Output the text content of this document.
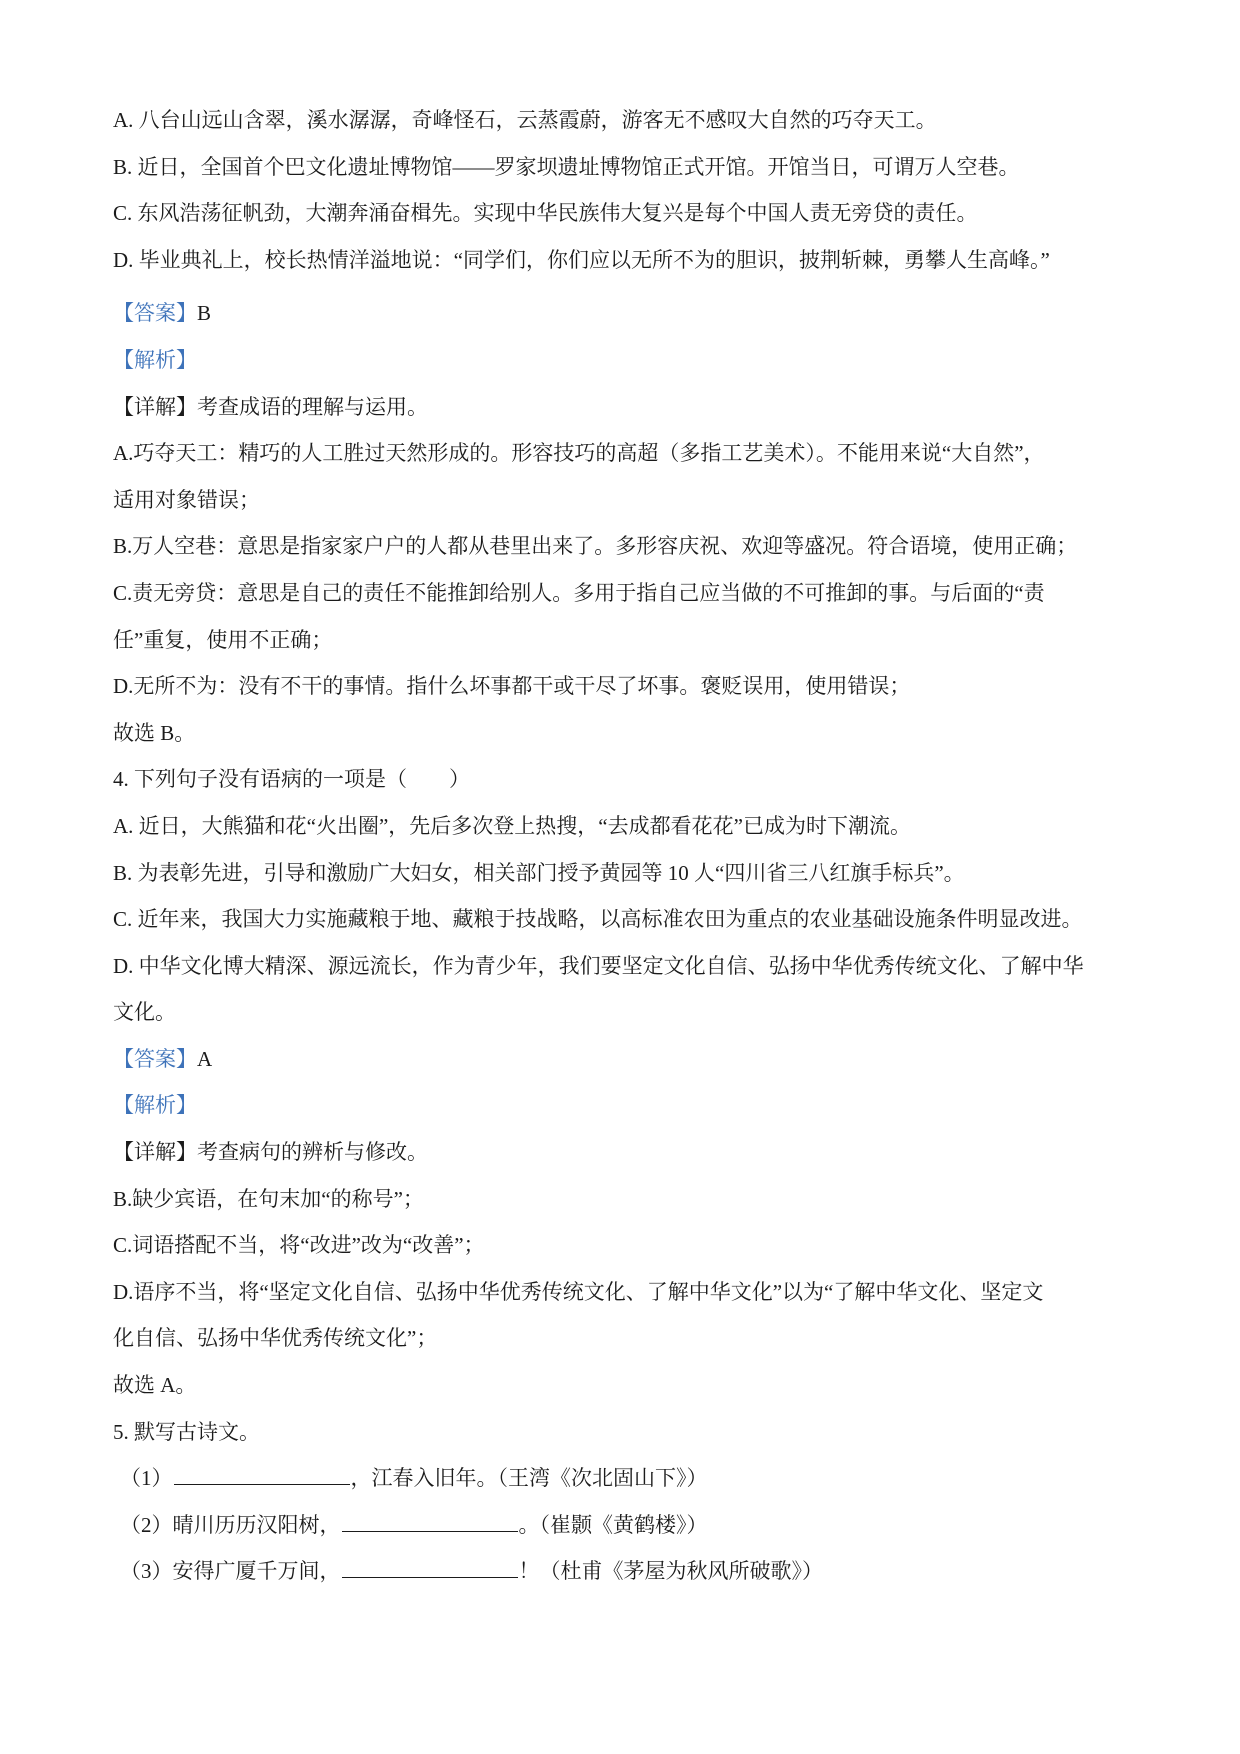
A. 八台山远山含翠，溪水潺潺，奇峰怪石，云蒸霞蔚，游客无不感叹大自然的巧夺天工。
B. 近日，全国首个巴文化遗址博物馆——罗家坝遗址博物馆正式开馆。开馆当日，可谓万人空巷。
C. 东风浩荡征帆劲，大潮奔涌奋楫先。实现中华民族伟大复兴是每个中国人责无旁贷的责任。
D. 毕业典礼上，校长热情洋溢地说：“同学们，你们应以无所不为的胆识，披荆斩棘，勇攀人生高峰。”
【答案】B
【解析】
【详解】考查成语的理解与运用。
A.巧夺天工：精巧的人工胜过天然形成的。形容技巧的高超（多指工艺美术）。不能用来说“大自然”，
适用对象错误；
B.万人空巷：意思是指家家户户的人都从巷里出来了。多形容庆祝、欢迎等盛况。符合语境，使用正确；
C.责无旁贷：意思是自己的责任不能推卸给别人。多用于指自己应当做的不可推卸的事。与后面的“责
任”重复，使用不正确；
D.无所不为：没有不干的事情。指什么坏事都干或干尽了坏事。褒贬误用，使用错误；
故选 B。
4. 下列句子没有语病的一项是（　　）
A. 近日，大熊猫和花“火出圈”，先后多次登上热搜，“去成都看花花”已成为时下潮流。
B. 为表彰先进，引导和激励广大妇女，相关部门授予黄园等 10 人“四川省三八红旗手标兵”。
C. 近年来，我国大力实施藏粮于地、藏粮于技战略，以高标准农田为重点的农业基础设施条件明显改进。
D. 中华文化博大精深、源远流长，作为青少年，我们要坚定文化自信、弘扬中华优秀传统文化、了解中华
文化。
【答案】A
【解析】
【详解】考查病句的辨析与修改。
B.缺少宾语，在句末加“的称号”；
C.词语搭配不当，将“改进”改为“改善”；
D.语序不当，将“坚定文化自信、弘扬中华优秀传统文化、了解中华文化”以为“了解中华文化、坚定文
化自信、弘扬中华优秀传统文化”；
故选 A。
5. 默写古诗文。
（1）	，江春入旧年。（王湾《次北固山下》）
（2）晴川历历汉阳树，	。（崔颢《黄鹤楼》）
（3）安得广厦千万间，	！（杜甫《茅屋为秋风所破歌》）
